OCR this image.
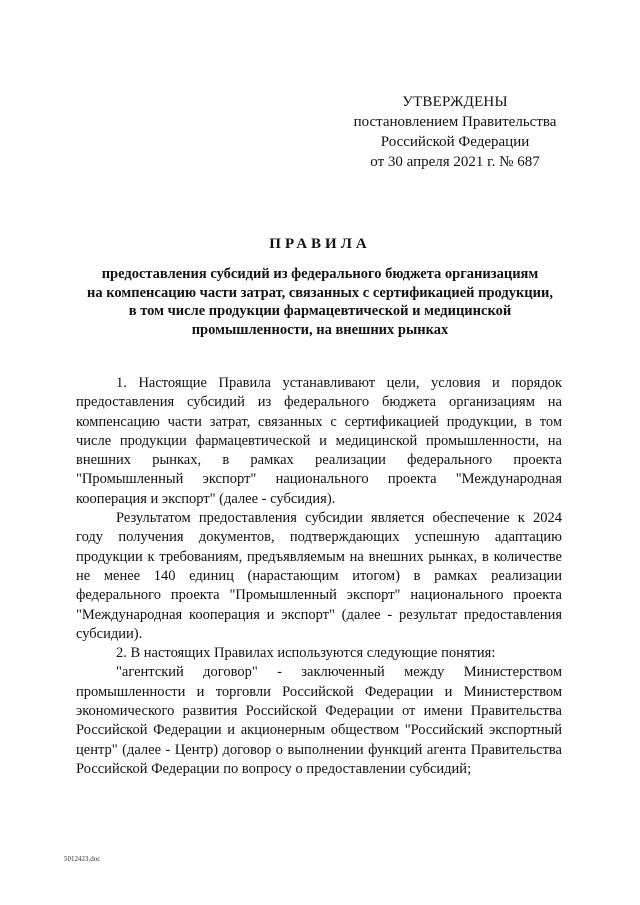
УТВЕРЖДЕНЫ
постановлением Правительства
Российской Федерации
от 30 апреля 2021 г. № 687
ПРАВИЛА
предоставления субсидий из федерального бюджета организациям
на компенсацию части затрат, связанных с сертификацией продукции,
в том числе продукции фармацевтической и медицинской
промышленности, на внешних рынках

1. Настоящие Правила устанавливают цели, условия и порядок предоставления субсидий из федерального бюджета организациям на компенсацию части затрат, связанных с сертификацией продукции, в том числе продукции фармацевтической и медицинской промышленности, на внешних рынках, в рамках реализации федерального проекта "Промышленный экспорт" национального проекта "Международная кооперация и экспорт" (далее - субсидия).

Результатом предоставления субсидии является обеспечение к 2024 году получения документов, подтверждающих успешную адаптацию продукции к требованиям, предъявляемым на внешних рынках, в количестве не менее 140 единиц (нарастающим итогом) в рамках реализации федерального проекта "Промышленный экспорт" национального проекта "Международная кооперация и экспорт" (далее - результат предоставления субсидии).

2. В настоящих Правилах используются следующие понятия:

"агентский договор" - заключенный между Министерством промышленности и торговли Российской Федерации и Министерством экономического развития Российской Федерации от имени Правительства Российской Федерации и акционерным обществом "Российский экспортный центр" (далее - Центр) договор о выполнении функций агента Правительства Российской Федерации по вопросу о предоставлении субсидий;

5012423.doc
